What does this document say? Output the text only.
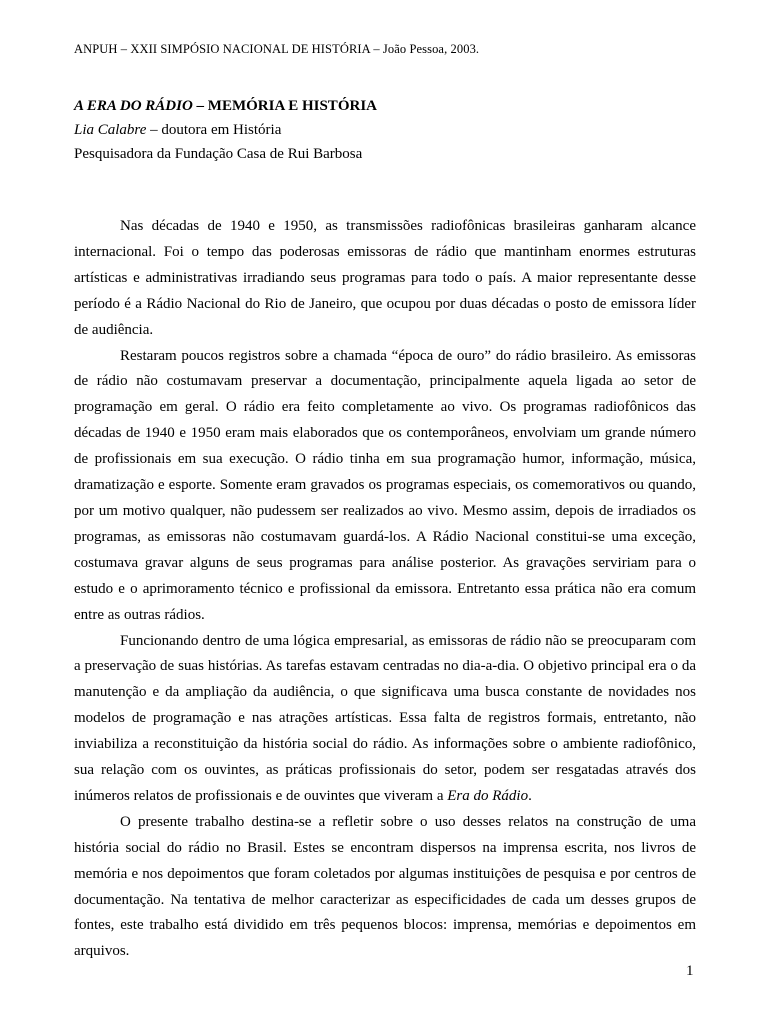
ANPUH – XXII SIMPÓSIO NACIONAL DE HISTÓRIA – João Pessoa, 2003.
A ERA DO RÁDIO – MEMÓRIA E HISTÓRIA
Lia Calabre – doutora em História
Pesquisadora da Fundação Casa de Rui Barbosa

Nas décadas de 1940 e 1950, as transmissões radiofônicas brasileiras ganharam alcance internacional. Foi o tempo das poderosas emissoras de rádio que mantinham enormes estruturas artísticas e administrativas irradiando seus programas para todo o país. A maior representante desse período é a Rádio Nacional do Rio de Janeiro, que ocupou por duas décadas o posto de emissora líder de audiência.

Restaram poucos registros sobre a chamada “época de ouro” do rádio brasileiro. As emissoras de rádio não costumavam preservar a documentação, principalmente aquela ligada ao setor de programação em geral. O rádio era feito completamente ao vivo. Os programas radiofônicos das décadas de 1940 e 1950 eram mais elaborados que os contemporâneos, envolviam um grande número de profissionais em sua execução. O rádio tinha em sua programação humor, informação, música, dramatização e esporte. Somente eram gravados os programas especiais, os comemorativos ou quando, por um motivo qualquer, não pudessem ser realizados ao vivo. Mesmo assim, depois de irradiados os programas, as emissoras não costumavam guardá-los. A Rádio Nacional constitui-se uma exceção, costumava gravar alguns de seus programas para análise posterior. As gravações serviriam para o estudo e o aprimoramento técnico e profissional da emissora. Entretanto essa prática não era comum entre as outras rádios.

Funcionando dentro de uma lógica empresarial, as emissoras de rádio não se preocuparam com a preservação de suas histórias. As tarefas estavam centradas no dia-a-dia. O objetivo principal era o da manutenção e da ampliação da audiência, o que significava uma busca constante de novidades nos modelos de programação e nas atrações artísticas. Essa falta de registros formais, entretanto, não inviabiliza a reconstituição da história social do rádio. As informações sobre o ambiente radiofônico, sua relação com os ouvintes, as práticas profissionais do setor, podem ser resgatadas através dos inúmeros relatos de profissionais e de ouvintes que viveram a Era do Rádio.

O presente trabalho destina-se a refletir sobre o uso desses relatos na construção de uma história social do rádio no Brasil. Estes se encontram dispersos na imprensa escrita, nos livros de memória e nos depoimentos que foram coletados por algumas instituições de pesquisa e por centros de documentação. Na tentativa de melhor caracterizar as especificidades de cada um desses grupos de fontes, este trabalho está dividido em três pequenos blocos: imprensa, memórias e depoimentos em arquivos.

1
